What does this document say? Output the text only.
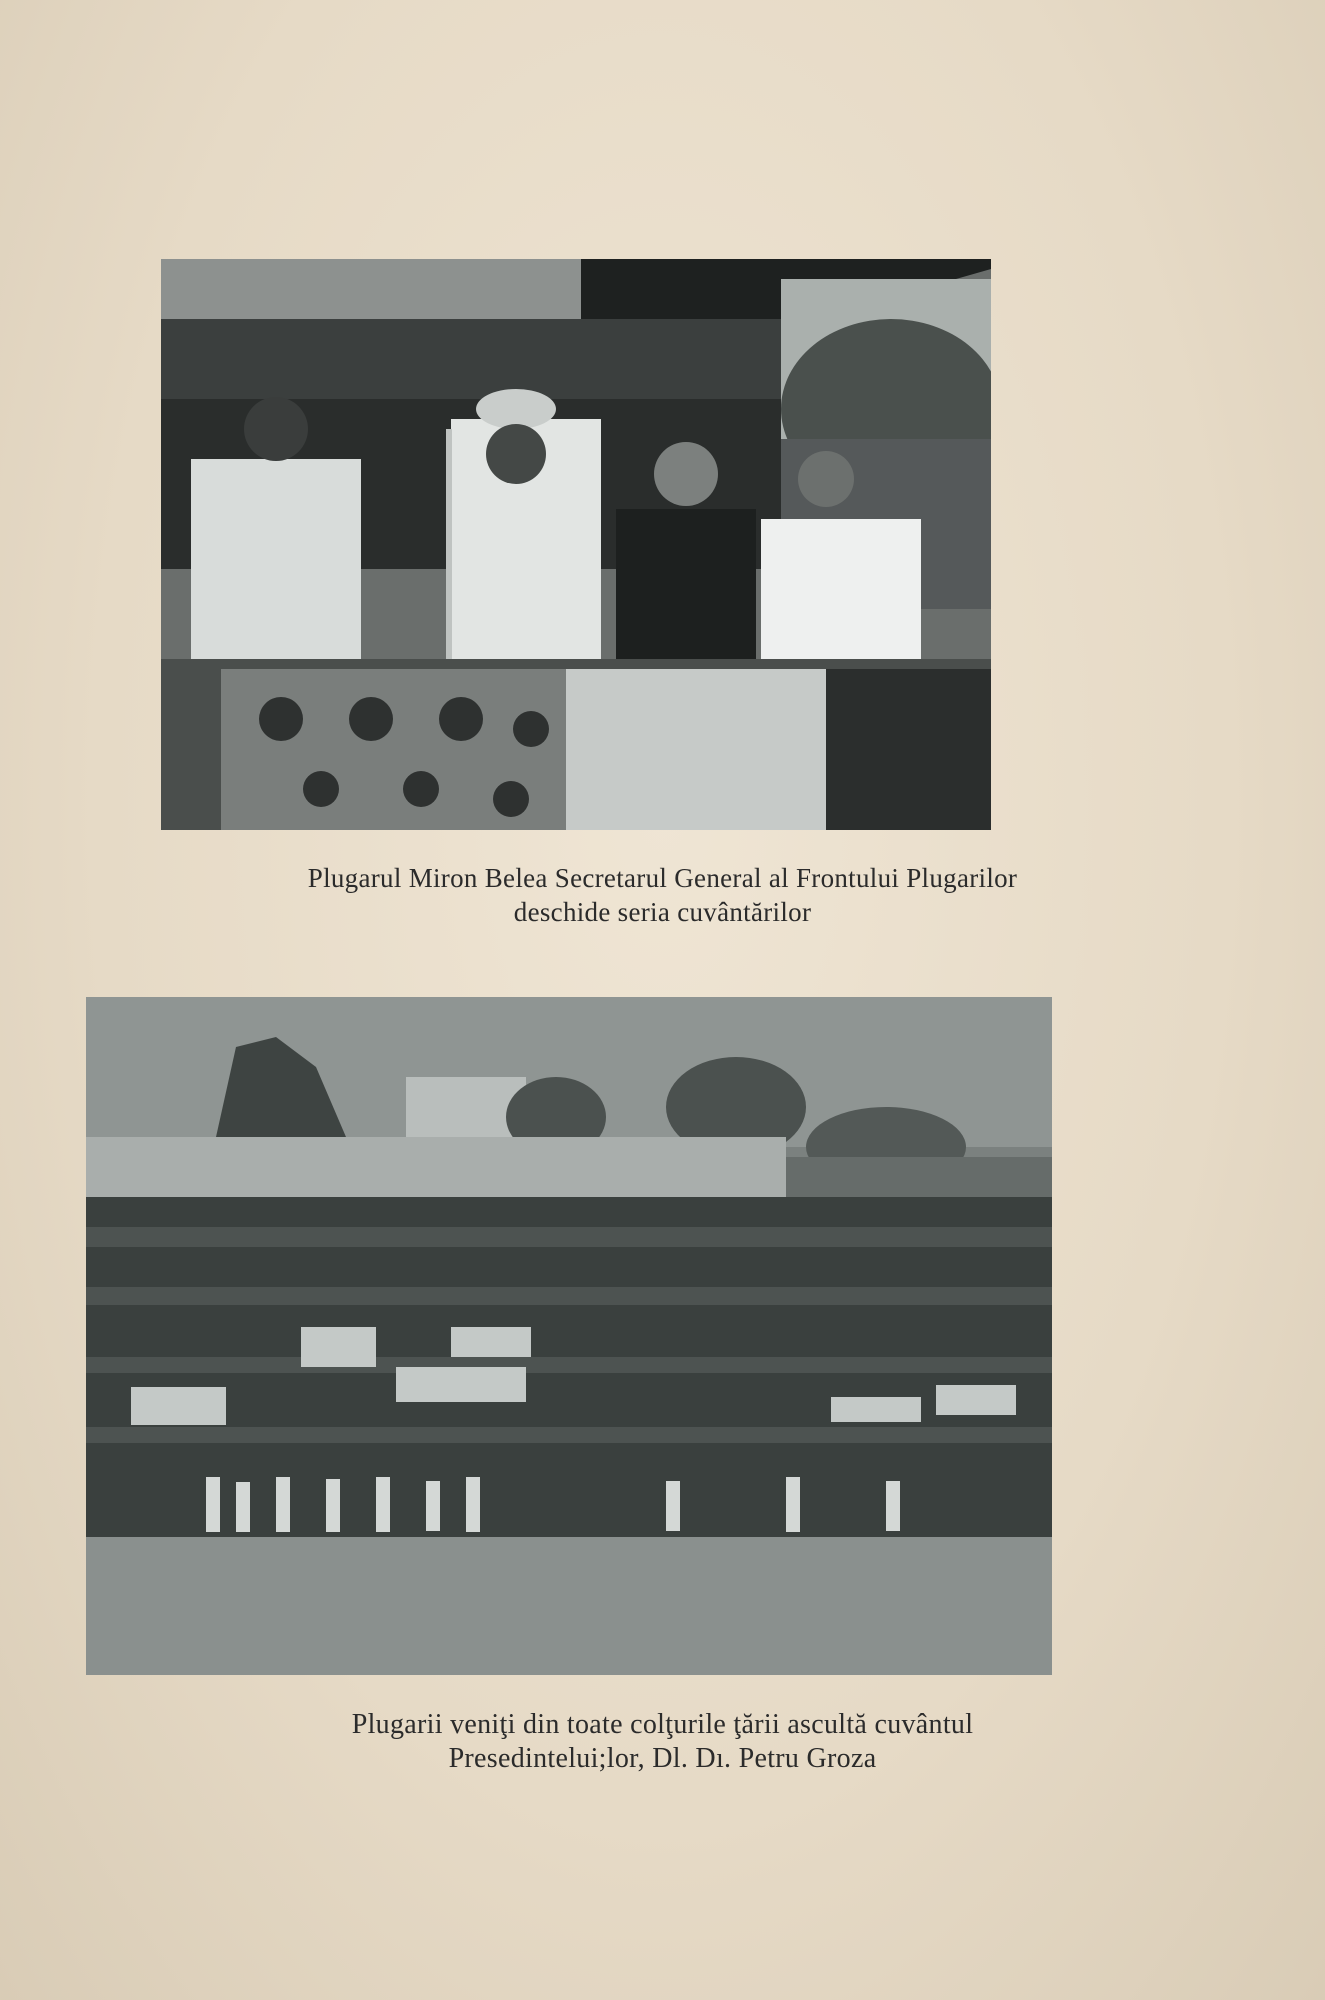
Plugarul Miron Belea Secretarul General al Frontului Plugarilor
deschide seria cuvântărilor
Plugarii veniţi din toate colţurile ţării ascultă cuvântul
Presedintelui;lor, Dl. Dı. Petru Groza
